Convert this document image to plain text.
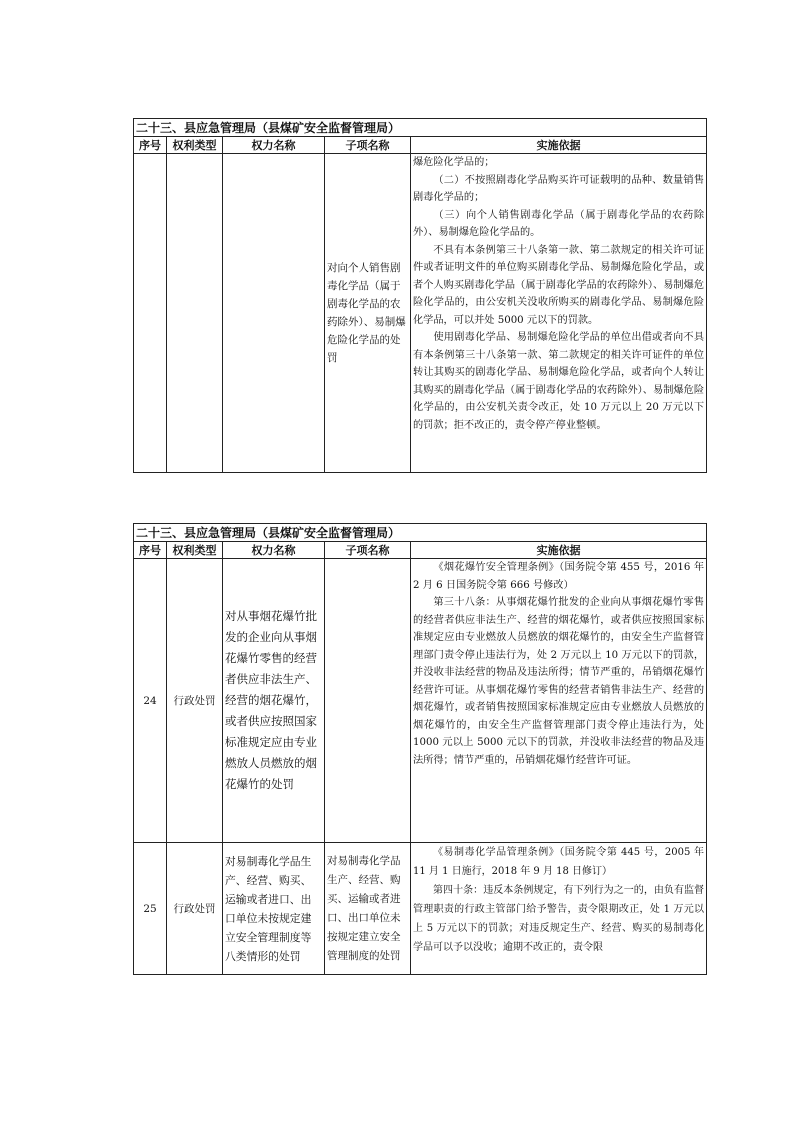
二十三、县应急管理局（县煤矿安全监督管理局）				
序号	权利类型	权力名称	子项名称	实施依据
			对向个人销售剧毒化学品（属于剧毒化学品的农药除外）、易制爆危险化学品的处罚	爆危险化学品的；

（二）不按照剧毒化学品购买许可证载明的品种、数量销售剧毒化学品的；

（三）向个人销售剧毒化学品（属于剧毒化学品的农药除外）、易制爆危险化学品的。

不具有本条例第三十八条第一款、第二款规定的相关许可证件或者证明文件的单位购买剧毒化学品、易制爆危险化学品，或者个人购买剧毒化学品（属于剧毒化学品的农药除外）、易制爆危险化学品的，由公安机关没收所购买的剧毒化学品、易制爆危险化学品，可以并处 5000 元以下的罚款。

使用剧毒化学品、易制爆危险化学品的单位出借或者向不具有本条例第三十八条第一款、第二款规定的相关许可证件的单位转让其购买的剧毒化学品、易制爆危险化学品，或者向个人转让其购买的剧毒化学品（属于剧毒化学品的农药除外）、易制爆危险化学品的，由公安机关责令改正，处 10 万元以上 20 万元以下的罚款；拒不改正的，责令停产停业整顿。

二十三、县应急管理局（县煤矿安全监督管理局）				
序号	权利类型	权力名称	子项名称	实施依据
24	行政处罚	对从事烟花爆竹批发的企业向从事烟花爆竹零售的经营者供应非法生产、经营的烟花爆竹，或者供应按照国家标准规定应由专业燃放人员燃放的烟花爆竹的处罚		《烟花爆竹安全管理条例》（国务院令第 455 号，2016 年 2 月 6 日国务院令第 666 号修改）

第三十八条：从事烟花爆竹批发的企业向从事烟花爆竹零售的经营者供应非法生产、经营的烟花爆竹，或者供应按照国家标准规定应由专业燃放人员燃放的烟花爆竹的，由安全生产监督管理部门责令停止违法行为，处 2 万元以上 10 万元以下的罚款，并没收非法经营的物品及违法所得；情节严重的，吊销烟花爆竹经营许可证。从事烟花爆竹零售的经营者销售非法生产、经营的烟花爆竹，或者销售按照国家标准规定应由专业燃放人员燃放的烟花爆竹的，由安全生产监督管理部门责令停止违法行为，处 1000 元以上 5000 元以下的罚款，并没收非法经营的物品及违法所得；情节严重的，吊销烟花爆竹经营许可证。

25	行政处罚	对易制毒化学品生产、经营、购买、运输或者进口、出口单位未按规定建立安全管理制度等八类情形的处罚	对易制毒化学品生产、经营、购买、运输或者进口、出口单位未按规定建立安全管理制度的处罚	《易制毒化学品管理条例》（国务院令第 445 号，2005 年 11 月 1 日施行，2018 年 9 月 18 日修订）

第四十条：违反本条例规定，有下列行为之一的，由负有监督管理职责的行政主管部门给予警告，责令限期改正，处 1 万元以上 5 万元以下的罚款；对违反规定生产、经营、购买的易制毒化学品可以予以没收；逾期不改正的，责令限
